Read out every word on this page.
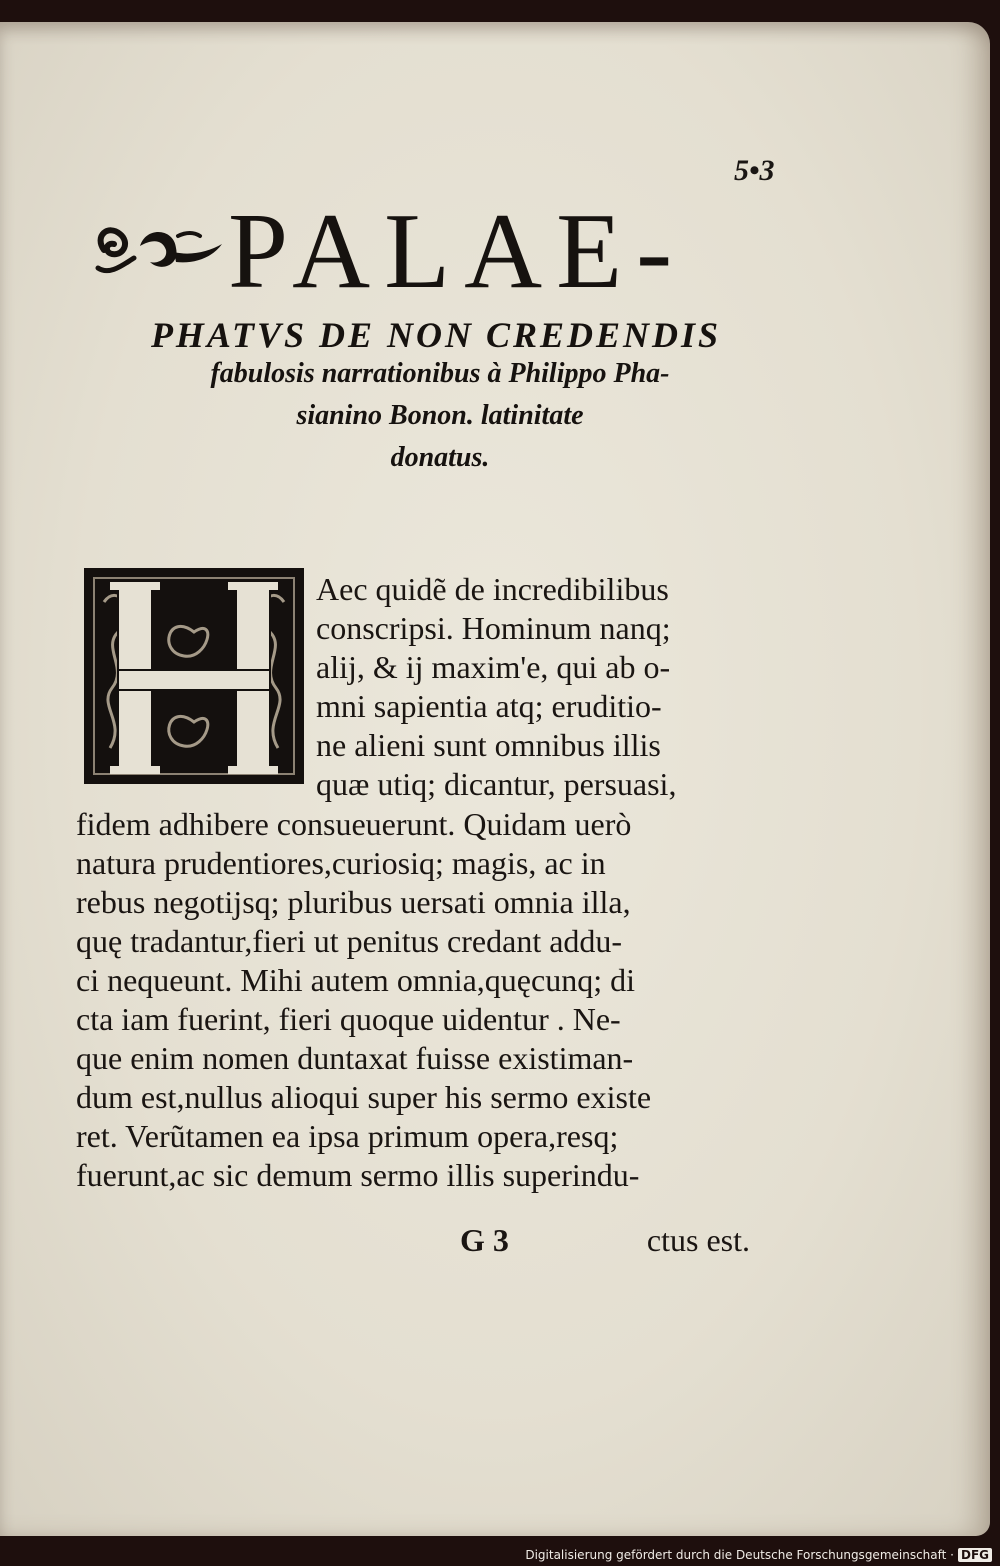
5•3
PALAE-
PHATVS DE NON CREDENDIS
fabulosis narrationibus à Philippo Pha-
sianino Bonon. latinitate
donatus.
Aec quidẽ de incredibilibus
conscripsi. Hominum nanq;
alij, & ij maxim'e, qui ab o-
mni sapientia atq; eruditio-
ne alieni sunt omnibus illis
quæ utiq; dicantur, persuasi,
fidem adhibere consueuerunt. Quidam uerò
natura prudentiores,curiosiq; magis, ac in
rebus negotijsq; pluribus uersati omnia illa,
quę tradantur,fieri ut penitus credant addu-
ci nequeunt. Mihi autem omnia,quęcunq; di
cta iam fuerint, fieri quoque uidentur . Ne-
que enim nomen duntaxat fuisse existiman-
dum est,nullus alioqui super his sermo existe
ret. Verũtamen ea ipsa primum opera,resq;
fuerunt,ac sic demum sermo illis superindu-
G 3	ctus est.
Digitalisierung gefördert durch die Deutsche Forschungsgemeinschaft · DFG
